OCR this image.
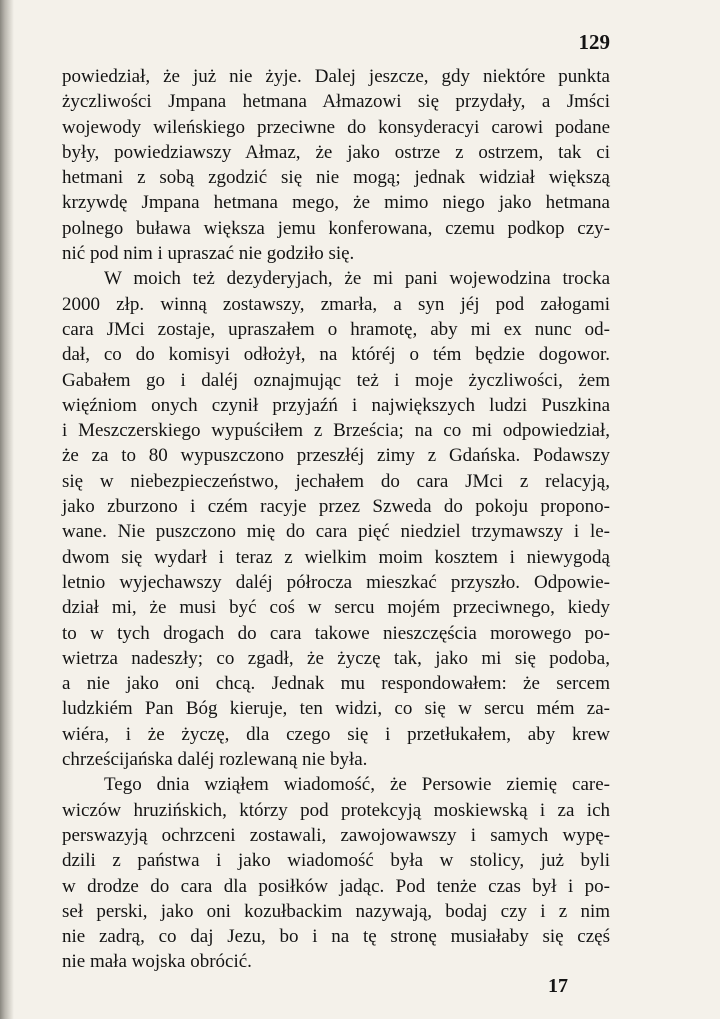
129
powiedział, że już nie żyje. Dalej jeszcze, gdy niektóre punkta
życzliwości Jmpana hetmana Ałmazowi się przydały, a Jmści
wojewody wileńskiego przeciwne do konsyderacyi carowi podane
były, powiedziawszy Ałmaz, że jako ostrze z ostrzem, tak ci
hetmani z sobą zgodzić się nie mogą; jednak widział większą
krzywdę Jmpana hetmana mego, że mimo niego jako hetmana
polnego buława większa jemu konferowana, czemu podkop czy-
nić pod nim i upraszać nie godziło się.
W moich też dezyderyjach, że mi pani wojewodzina trocka
2000 złp. winną zostawszy, zmarła, a syn jéj pod załogami
cara JMci zostaje, upraszałem o hramotę, aby mi ex nunc od-
dał, co do komisyi odłożył, na któréj o tém będzie dogowor.
Gabałem go i daléj oznajmując też i moje życzliwości, żem
więźniom onych czynił przyjaźń i największych ludzi Puszkina
i Meszczerskiego wypuściłem z Brześcia; na co mi odpowiedział,
że za to 80 wypuszczono przeszłéj zimy z Gdańska. Podawszy
się w niebezpieczeństwo, jechałem do cara JMci z relacyją,
jako zburzono i czém racyje przez Szweda do pokoju propono-
wane. Nie puszczono mię do cara pięć niedziel trzymawszy i le-
dwom się wydarł i teraz z wielkim moim kosztem i niewygodą
letnio wyjechawszy daléj półrocza mieszkać przyszło. Odpowie-
dział mi, że musi być coś w sercu mojém przeciwnego, kiedy
to w tych drogach do cara takowe nieszczęścia morowego po-
wietrza nadeszły; co zgadł, że życzę tak, jako mi się podoba,
a nie jako oni chcą. Jednak mu respondowałem: że sercem
ludzkiém Pan Bóg kieruje, ten widzi, co się w sercu mém za-
wiéra, i że życzę, dla czego się i przetłukałem, aby krew
chrześcijańska daléj rozlewaną nie była.
Tego dnia wziąłem wiadomość, że Persowie ziemię care-
wiczów hruzińskich, którzy pod protekcyją moskiewską i za ich
perswazyją ochrzceni zostawali, zawojowawszy i samych wypę-
dzili z państwa i jako wiadomość była w stolicy, już byli
w drodze do cara dla posiłków jadąc. Pod tenże czas był i po-
seł perski, jako oni kozułbackim nazywają, bodaj czy i z nim
nie zadrą, co daj Jezu, bo i na tę stronę musiałaby się częś
nie mała wojska obrócić.
17
